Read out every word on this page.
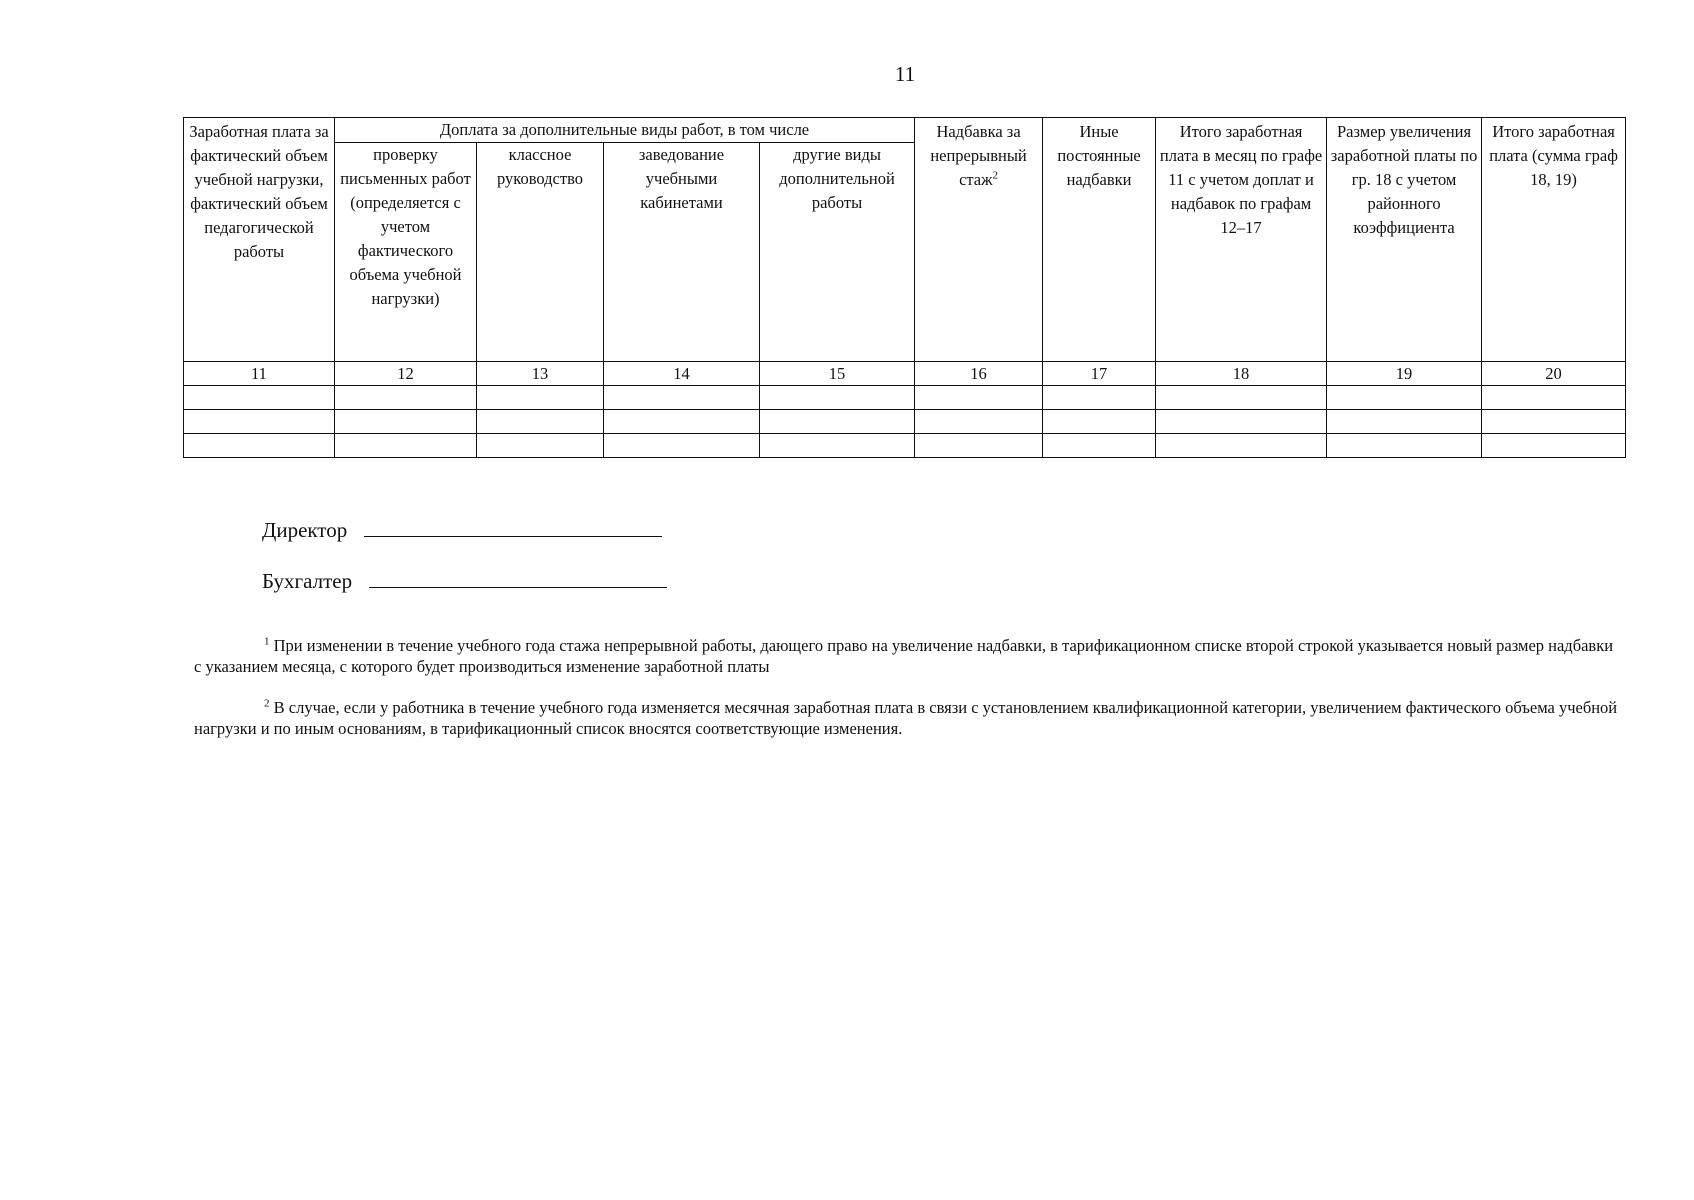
11
Заработная плата за фактический объем учебной нагрузки, фактический объем педагогической работы	Доплата за дополнительные виды работ, в том числе				Надбавка за непрерывный стаж$^2$	Иные постоянные надбавки	Итого заработная плата в месяц по графе 11 с учетом доплат и надбавок по графам 12–17	Размер увеличения заработной платы по гр. 18 с учетом районного коэффициента	Итого заработная плата (сумма граф 18, 19)
	проверку письменных работ (определяется с учетом фактического объема учебной нагрузки)	классное руководство	заведование учебными кабинетами	другие виды дополнительной работы					
11	12	13	14	15	16	17	18	19	20

Директор
Бухгалтер
$^1$ При изменении в течение учебного года стажа непрерывной работы, дающего право на увеличение надбавки, в тарификационном списке второй строкой указывается новый размер надбавки с указанием месяца, с которого будет производиться изменение заработной платы
$^2$ В случае, если у работника в течение учебного года изменяется месячная заработная плата в связи с установлением квалификационной категории, увеличением фактического объема учебной нагрузки и по иным основаниям, в тарификационный список вносятся соответствующие изменения.
